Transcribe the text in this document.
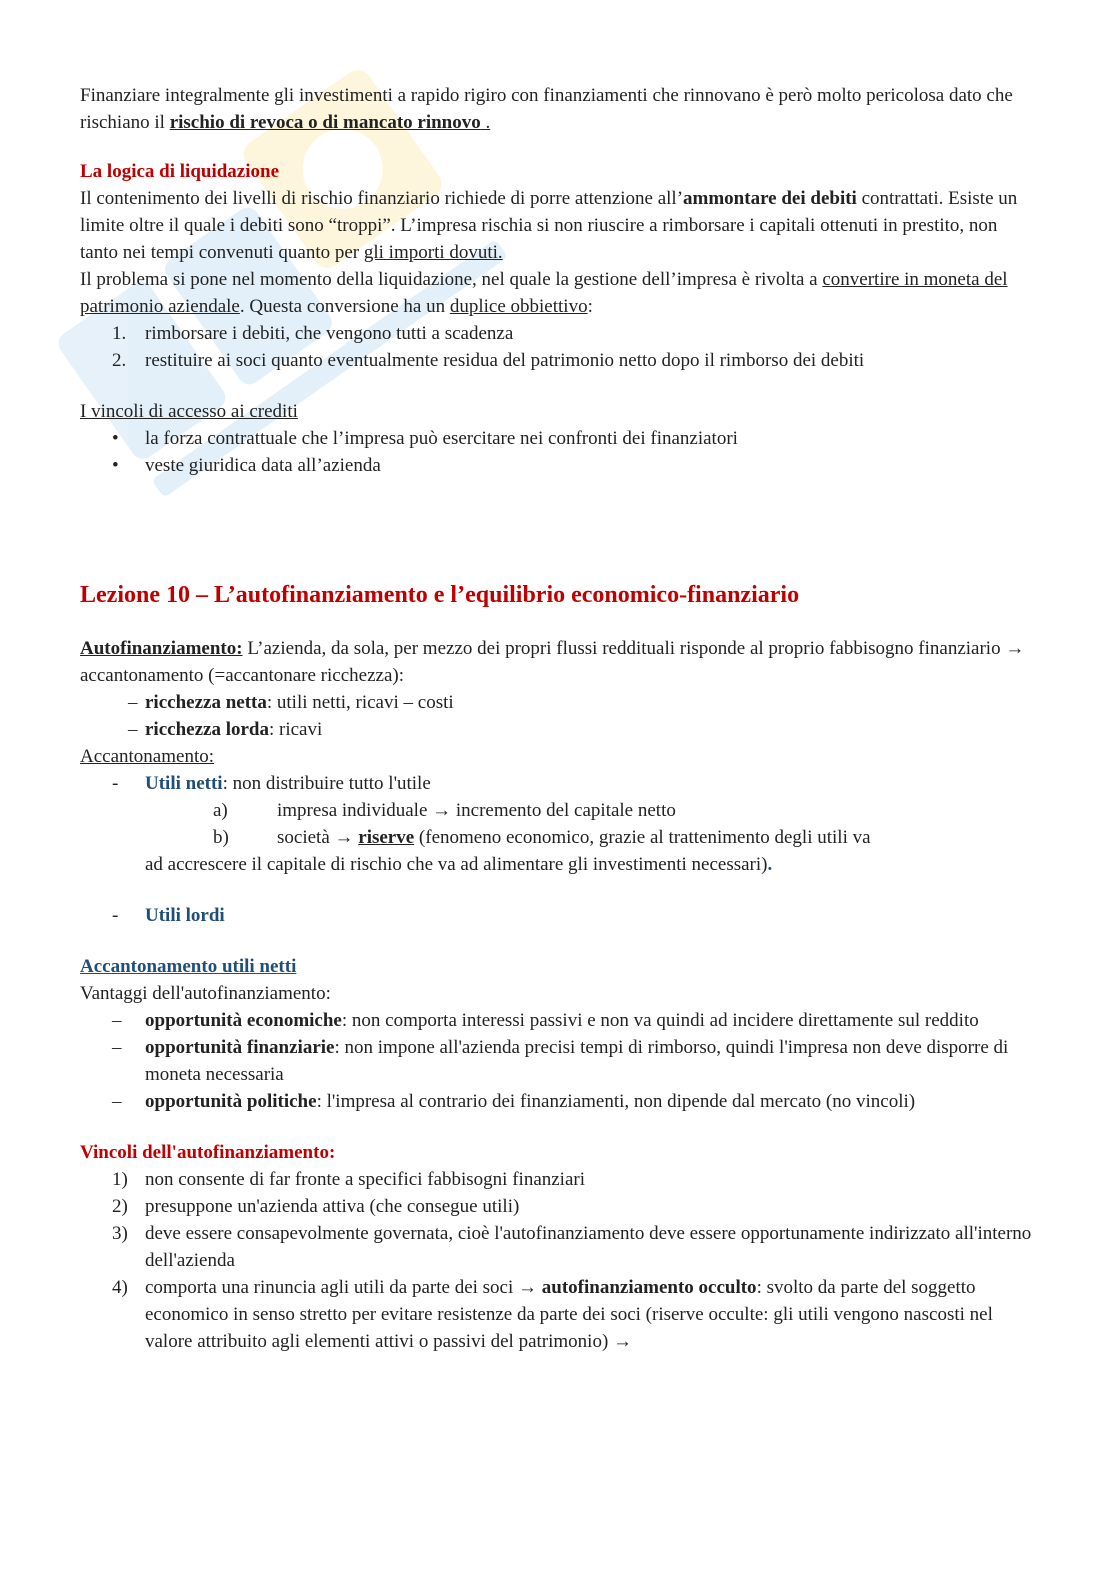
Finanziare integralmente gli investimenti a rapido rigiro con finanziamenti che rinnovano è però molto pericolosa dato che rischiano il rischio di revoca o di mancato rinnovo .

La logica di liquidazione

Il contenimento dei livelli di rischio finanziario richiede di porre attenzione all’ammontare dei debiti contrattati. Esiste un limite oltre il quale i debiti sono “troppi”. L’impresa rischia si non riuscire a rimborsare i capitali ottenuti in prestito, non tanto nei tempi convenuti quanto per gli importi dovuti.

Il problema si pone nel momento della liquidazione, nel quale la gestione dell’impresa è rivolta a convertire in moneta del patrimonio aziendale. Questa conversione ha un duplice obbiettivo:

1. rimborsare i debiti, che vengono tutti a scadenza
2. restituire ai soci quanto eventualmente residua del patrimonio netto dopo il rimborso dei debiti

I vincoli di accesso ai crediti

• la forza contrattuale che l’impresa può esercitare nei confronti dei finanziatori
• veste giuridica data all’azienda
Lezione 10 – L’autofinanziamento e l’equilibrio economico-finanziario

Autofinanziamento: L’azienda, da sola, per mezzo dei propri flussi reddituali risponde al proprio fabbisogno finanziario → accantonamento (=accantonare ricchezza):

– ricchezza netta: utili netti, ricavi – costi
– ricchezza lorda: ricavi

Accantonamento:

- Utili netti: non distribuire tutto l'utile
a)	impresa individuale → incremento del capitale netto
b)	società → riserve (fenomeno economico, grazie al trattenimento degli utili va

ad accrescere il capitale di rischio che va ad alimentare gli investimenti necessari).

- Utili lordi

Accantonamento utili netti

Vantaggi dell'autofinanziamento:

– opportunità economiche: non comporta interessi passivi e non va quindi ad incidere direttamente sul reddito
– opportunità finanziarie: non impone all'azienda precisi tempi di rimborso, quindi l'impresa non deve disporre di moneta necessaria
– opportunità politiche: l'impresa al contrario dei finanziamenti, non dipende dal mercato (no vincoli)

Vincoli dell'autofinanziamento:

1) non consente di far fronte a specifici fabbisogni finanziari
2) presuppone un'azienda attiva (che consegue utili)
3) deve essere consapevolmente governata, cioè l'autofinanziamento deve essere opportunamente indirizzato all'interno dell'azienda
4) comporta una rinuncia agli utili da parte dei soci → autofinanziamento occulto: svolto da parte del soggetto economico in senso stretto per evitare resistenze da parte dei soci (riserve occulte: gli utili vengono nascosti nel valore attribuito agli elementi attivi o passivi del patrimonio) →
